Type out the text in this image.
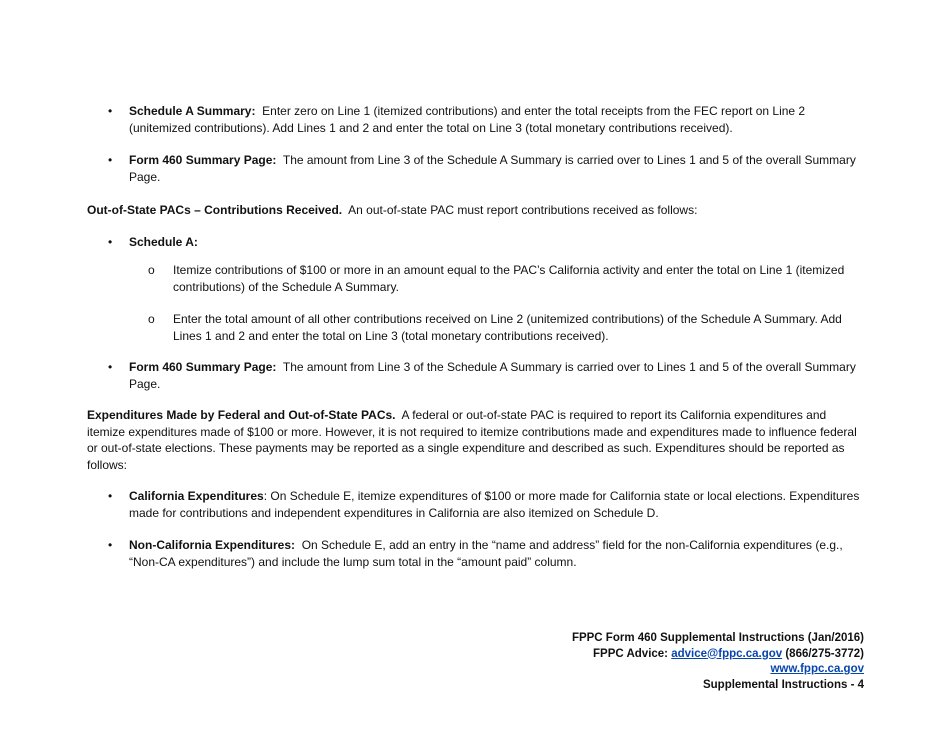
• Schedule A Summary: Enter zero on Line 1 (itemized contributions) and enter the total receipts from the FEC report on Line 2 (unitemized contributions). Add Lines 1 and 2 and enter the total on Line 3 (total monetary contributions received).
• Form 460 Summary Page: The amount from Line 3 of the Schedule A Summary is carried over to Lines 1 and 5 of the overall Summary Page.
Out-of-State PACs – Contributions Received. An out-of-state PAC must report contributions received as follows:
• Schedule A:
o Itemize contributions of $100 or more in an amount equal to the PAC’s California activity and enter the total on Line 1 (itemized contributions) of the Schedule A Summary.
o Enter the total amount of all other contributions received on Line 2 (unitemized contributions) of the Schedule A Summary. Add Lines 1 and 2 and enter the total on Line 3 (total monetary contributions received).
• Form 460 Summary Page: The amount from Line 3 of the Schedule A Summary is carried over to Lines 1 and 5 of the overall Summary Page.
Expenditures Made by Federal and Out-of-State PACs. A federal or out-of-state PAC is required to report its California expenditures and itemize expenditures made of $100 or more. However, it is not required to itemize contributions made and expenditures made to influence federal or out-of-state elections. These payments may be reported as a single expenditure and described as such. Expenditures should be reported as follows:
• California Expenditures: On Schedule E, itemize expenditures of $100 or more made for California state or local elections. Expenditures made for contributions and independent expenditures in California are also itemized on Schedule D.
• Non-California Expenditures: On Schedule E, add an entry in the “name and address” field for the non-California expenditures (e.g., “Non-CA expenditures”) and include the lump sum total in the “amount paid” column.
FPPC Form 460 Supplemental Instructions (Jan/2016)
FPPC Advice: advice@fppc.ca.gov (866/275-3772)
www.fppc.ca.gov
Supplemental Instructions - 4
